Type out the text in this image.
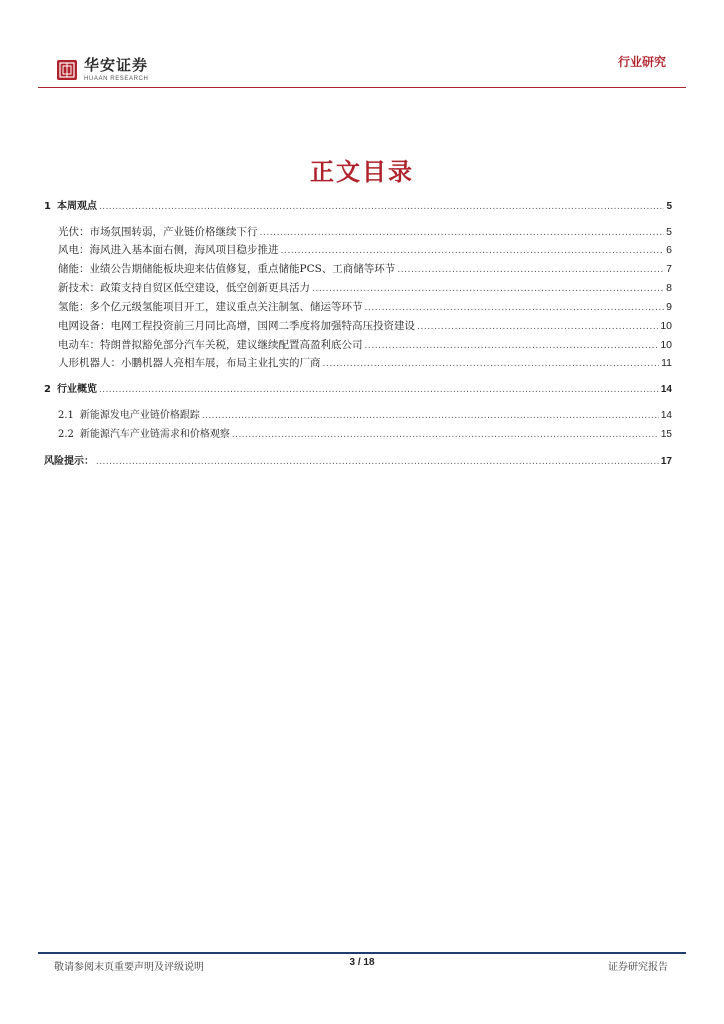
华安证券
HUAAN RESEARCH
行业研究
正文目录
1 本周观点 .....	5
光伏：市场氛围转弱，产业链价格继续下行 .....	5
风电：海风进入基本面右侧，海风项目稳步推进 .....	6
储能：业绩公告期储能板块迎来估值修复，重点储能PCS、工商储等环节 .....	7
新技术：政策支持自贸区低空建设，低空创新更具活力 .....	8
氢能：多个亿元级氢能项目开工，建议重点关注制氢、储运等环节 .....	9
电网设备：电网工程投资前三月同比高增，国网二季度将加强特高压投资建设 .....	10
电动车：特朗普拟豁免部分汽车关税，建议继续配置高盈利底公司 .....	10
人形机器人：小鹏机器人亮相车展，布局主业扎实的厂商 .....	11
2 行业概览 .....	14
2.1 新能源发电产业链价格跟踪 .....	14
2.2 新能源汽车产业链需求和价格观察 .....	15
风险提示： .....	17
敬请参阅末页重要声明及评级说明	3 / 18	证券研究报告
